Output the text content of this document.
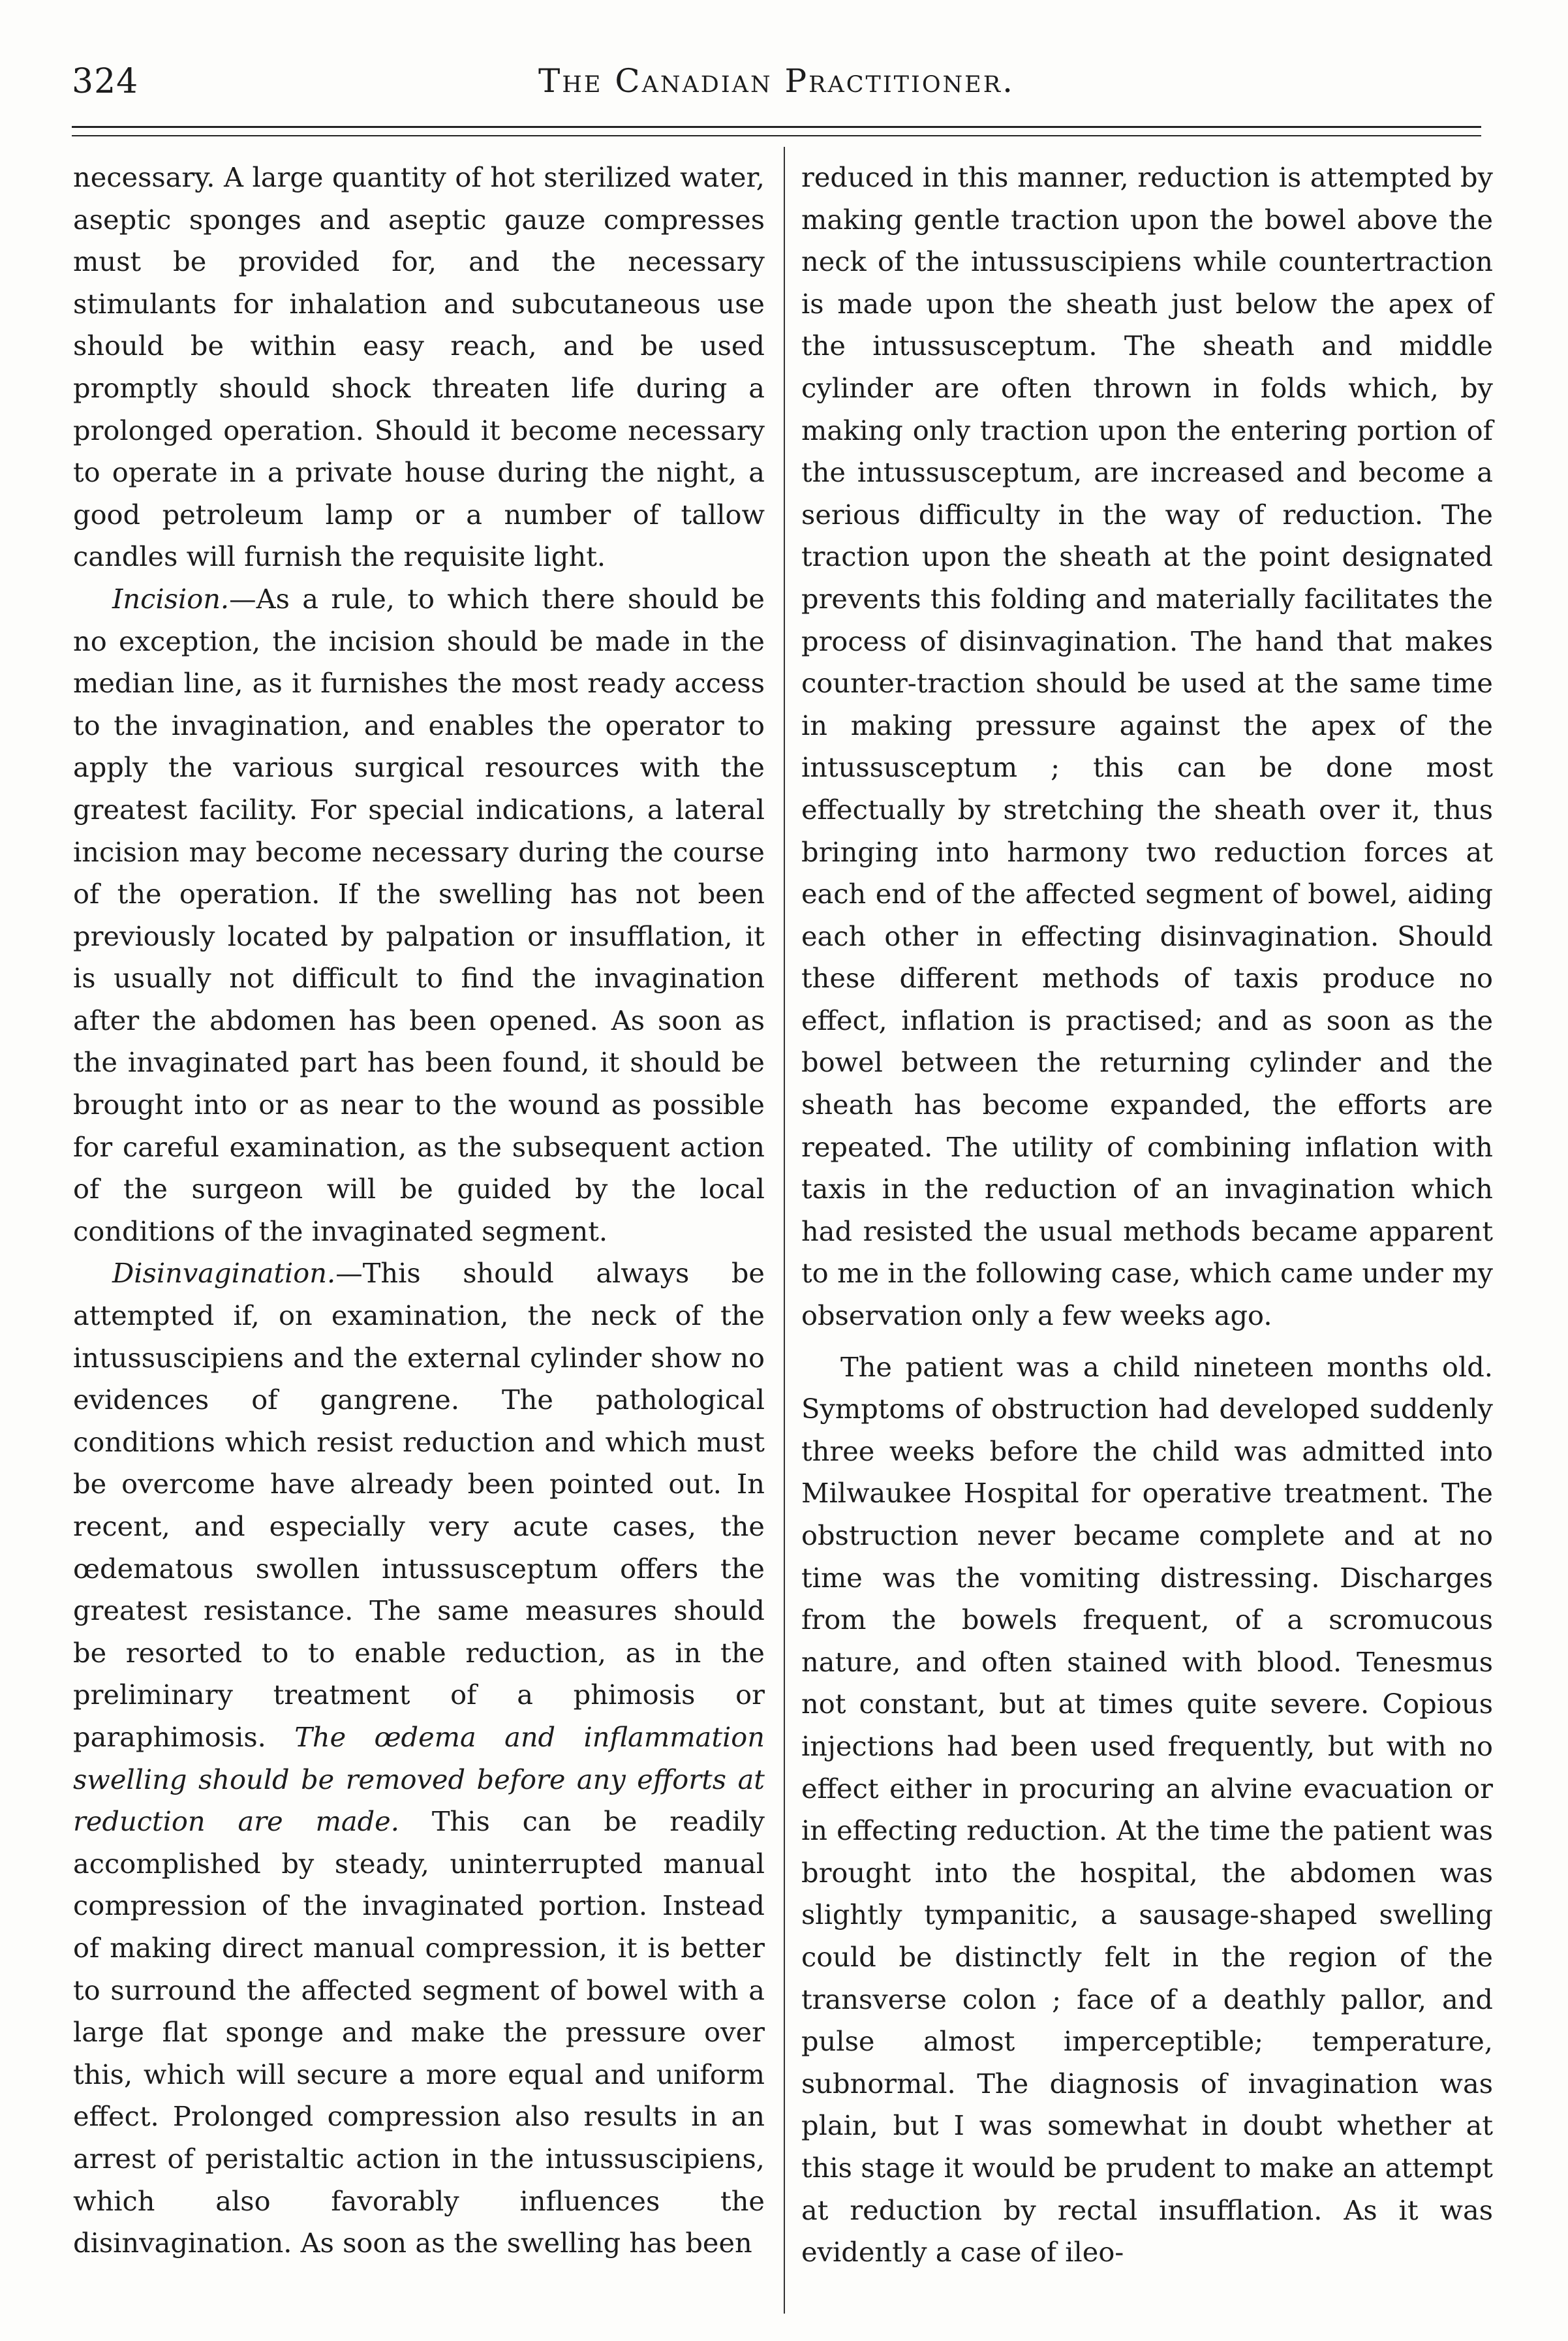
324	The Canadian Practitioner.

necessary. A large quantity of hot sterilized water, aseptic sponges and aseptic gauze compresses must be provided for, and the necessary stimulants for inhalation and subcutaneous use should be within easy reach, and be used promptly should shock threaten life during a prolonged operation. Should it become necessary to operate in a private house during the night, a good petroleum lamp or a number of tallow candles will furnish the requisite light.

Incision.—As a rule, to which there should be no exception, the incision should be made in the median line, as it furnishes the most ready access to the invagination, and enables the operator to apply the various surgical resources with the greatest facility. For special indications, a lateral incision may become necessary during the course of the operation. If the swelling has not been previously located by palpation or insufflation, it is usually not difficult to find the invagination after the abdomen has been opened. As soon as the invaginated part has been found, it should be brought into or as near to the wound as possible for careful examination, as the subsequent action of the surgeon will be guided by the local conditions of the invaginated segment.

Disinvagination.—This should always be attempted if, on examination, the neck of the intussuscipiens and the external cylinder show no evidences of gangrene. The pathological conditions which resist reduction and which must be overcome have already been pointed out. In recent, and especially very acute cases, the œdematous swollen intussusceptum offers the greatest resistance. The same measures should be resorted to to enable reduction, as in the preliminary treatment of a phimosis or paraphimosis. The œdema and inflammation swelling should be removed before any efforts at reduction are made. This can be readily accomplished by steady, uninterrupted manual compression of the invaginated portion. Instead of making direct manual compression, it is better to surround the affected segment of bowel with a large flat sponge and make the pressure over this, which will secure a more equal and uniform effect. Prolonged compression also results in an arrest of peristaltic action in the intussuscipiens, which also favorably influences the disinvagination. As soon as the swelling has been

reduced in this manner, reduction is attempted by making gentle traction upon the bowel above the neck of the intussuscipiens while countertraction is made upon the sheath just below the apex of the intussusceptum. The sheath and middle cylinder are often thrown in folds which, by making only traction upon the entering portion of the intussusceptum, are increased and become a serious difficulty in the way of reduction. The traction upon the sheath at the point designated prevents this folding and materially facilitates the process of disinvagination. The hand that makes counter-traction should be used at the same time in making pressure against the apex of the intussusceptum ; this can be done most effectually by stretching the sheath over it, thus bringing into harmony two reduction forces at each end of the affected segment of bowel, aiding each other in effecting disinvagination. Should these different methods of taxis produce no effect, inflation is practised; and as soon as the bowel between the returning cylinder and the sheath has become expanded, the efforts are repeated. The utility of combining inflation with taxis in the reduction of an invagination which had resisted the usual methods became apparent to me in the following case, which came under my observation only a few weeks ago.

The patient was a child nineteen months old. Symptoms of obstruction had developed suddenly three weeks before the child was admitted into Milwaukee Hospital for operative treatment. The obstruction never became complete and at no time was the vomiting distressing. Discharges from the bowels frequent, of a scromucous nature, and often stained with blood. Tenesmus not constant, but at times quite severe. Copious injections had been used frequently, but with no effect either in procuring an alvine evacuation or in effecting reduction. At the time the patient was brought into the hospital, the abdomen was slightly tympanitic, a sausage-shaped swelling could be distinctly felt in the region of the transverse colon ; face of a deathly pallor, and pulse almost imperceptible; temperature, subnormal. The diagnosis of invagination was plain, but I was somewhat in doubt whether at this stage it would be prudent to make an attempt at reduction by rectal insufflation. As it was evidently a case of ileo-
